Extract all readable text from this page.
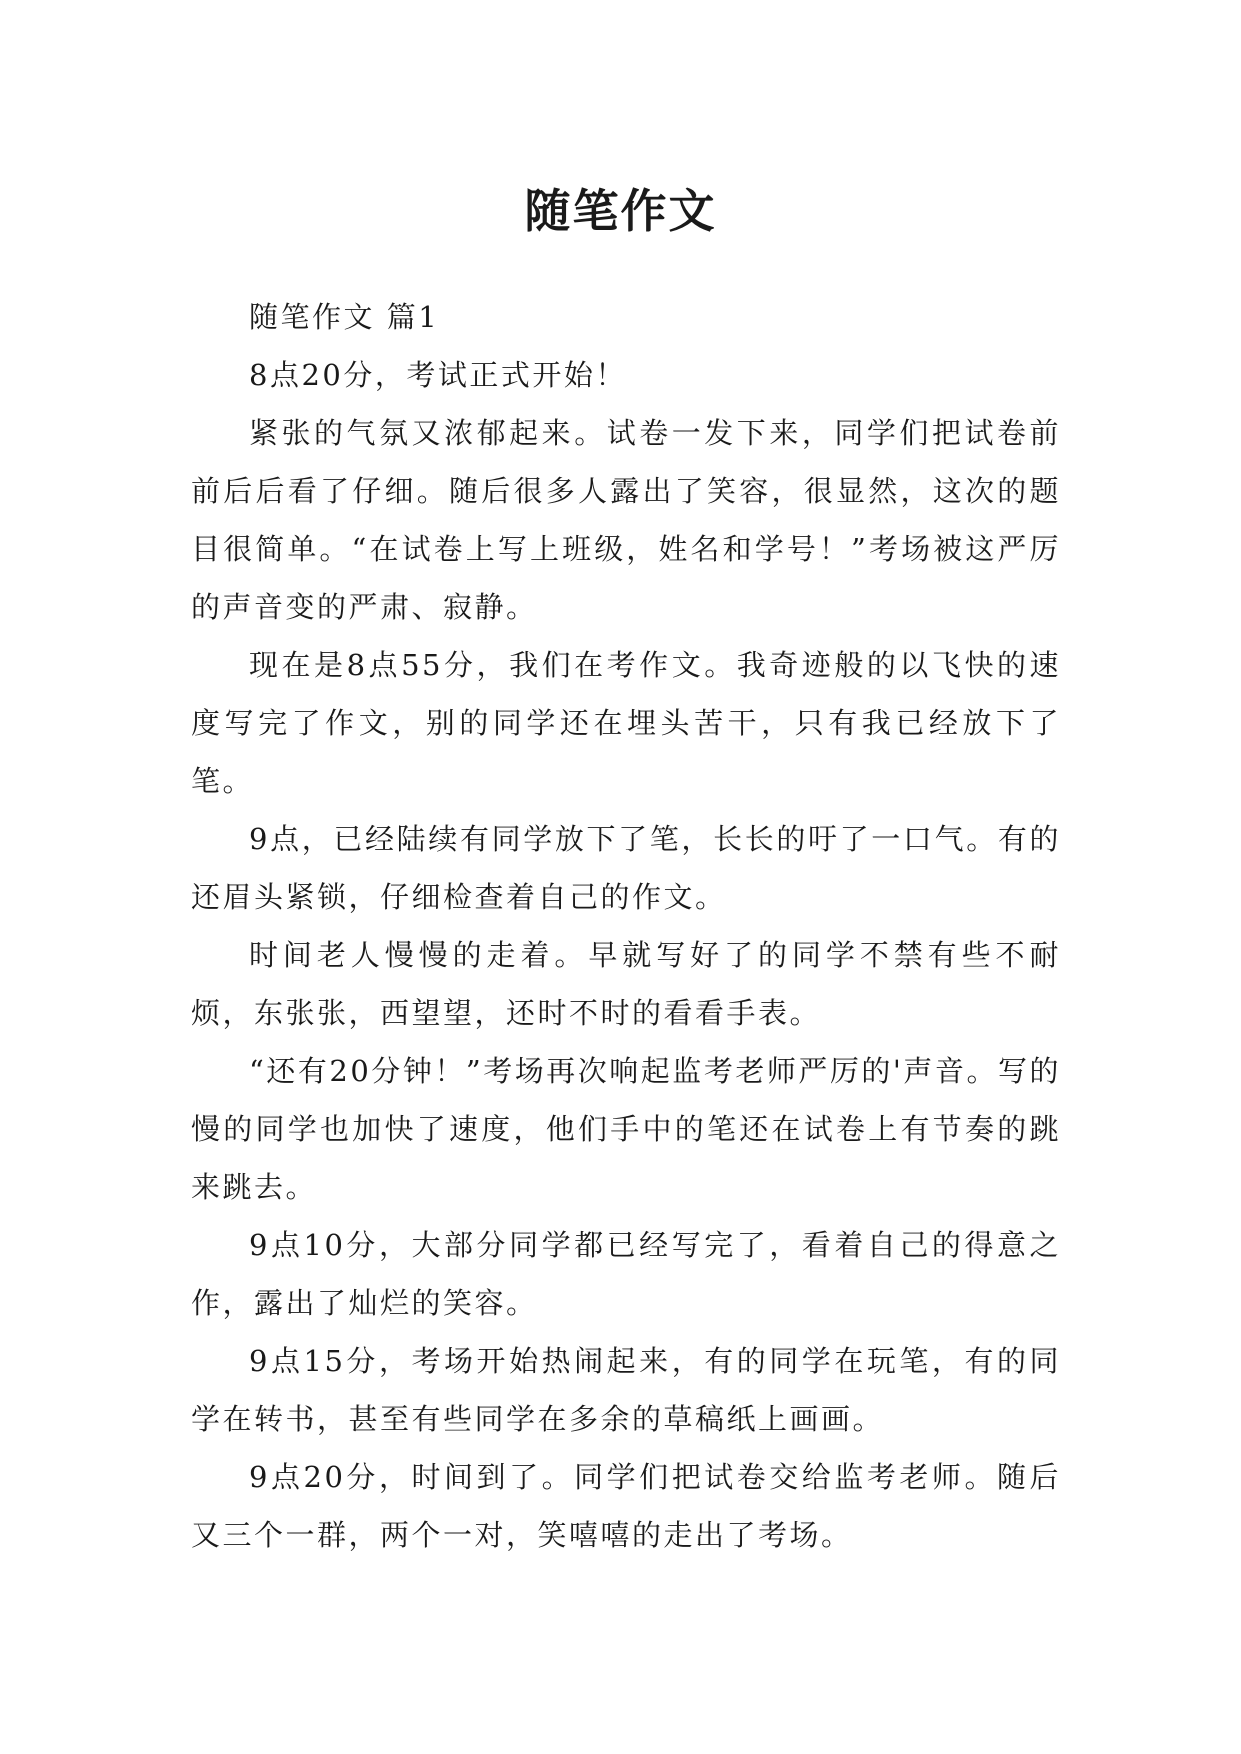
随笔作文

随笔作文 篇1

8点20分，考试正式开始！

紧张的气氛又浓郁起来。试卷一发下来，同学们把试卷前前后后看了仔细。随后很多人露出了笑容，很显然，这次的题目很简单。“在试卷上写上班级，姓名和学号！”考场被这严厉的声音变的严肃、寂静。

现在是8点55分，我们在考作文。我奇迹般的以飞快的速度写完了作文，别的同学还在埋头苦干，只有我已经放下了笔。

9点，已经陆续有同学放下了笔，长长的吁了一口气。有的还眉头紧锁，仔细检查着自己的作文。

时间老人慢慢的走着。早就写好了的同学不禁有些不耐烦，东张张，西望望，还时不时的看看手表。

“还有20分钟！”考场再次响起监考老师严厉的'声音。写的慢的同学也加快了速度，他们手中的笔还在试卷上有节奏的跳来跳去。

9点10分，大部分同学都已经写完了，看着自己的得意之作，露出了灿烂的笑容。

9点15分，考场开始热闹起来，有的同学在玩笔，有的同学在转书，甚至有些同学在多余的草稿纸上画画。

9点20分，时间到了。同学们把试卷交给监考老师。随后又三个一群，两个一对，笑嘻嘻的走出了考场。
